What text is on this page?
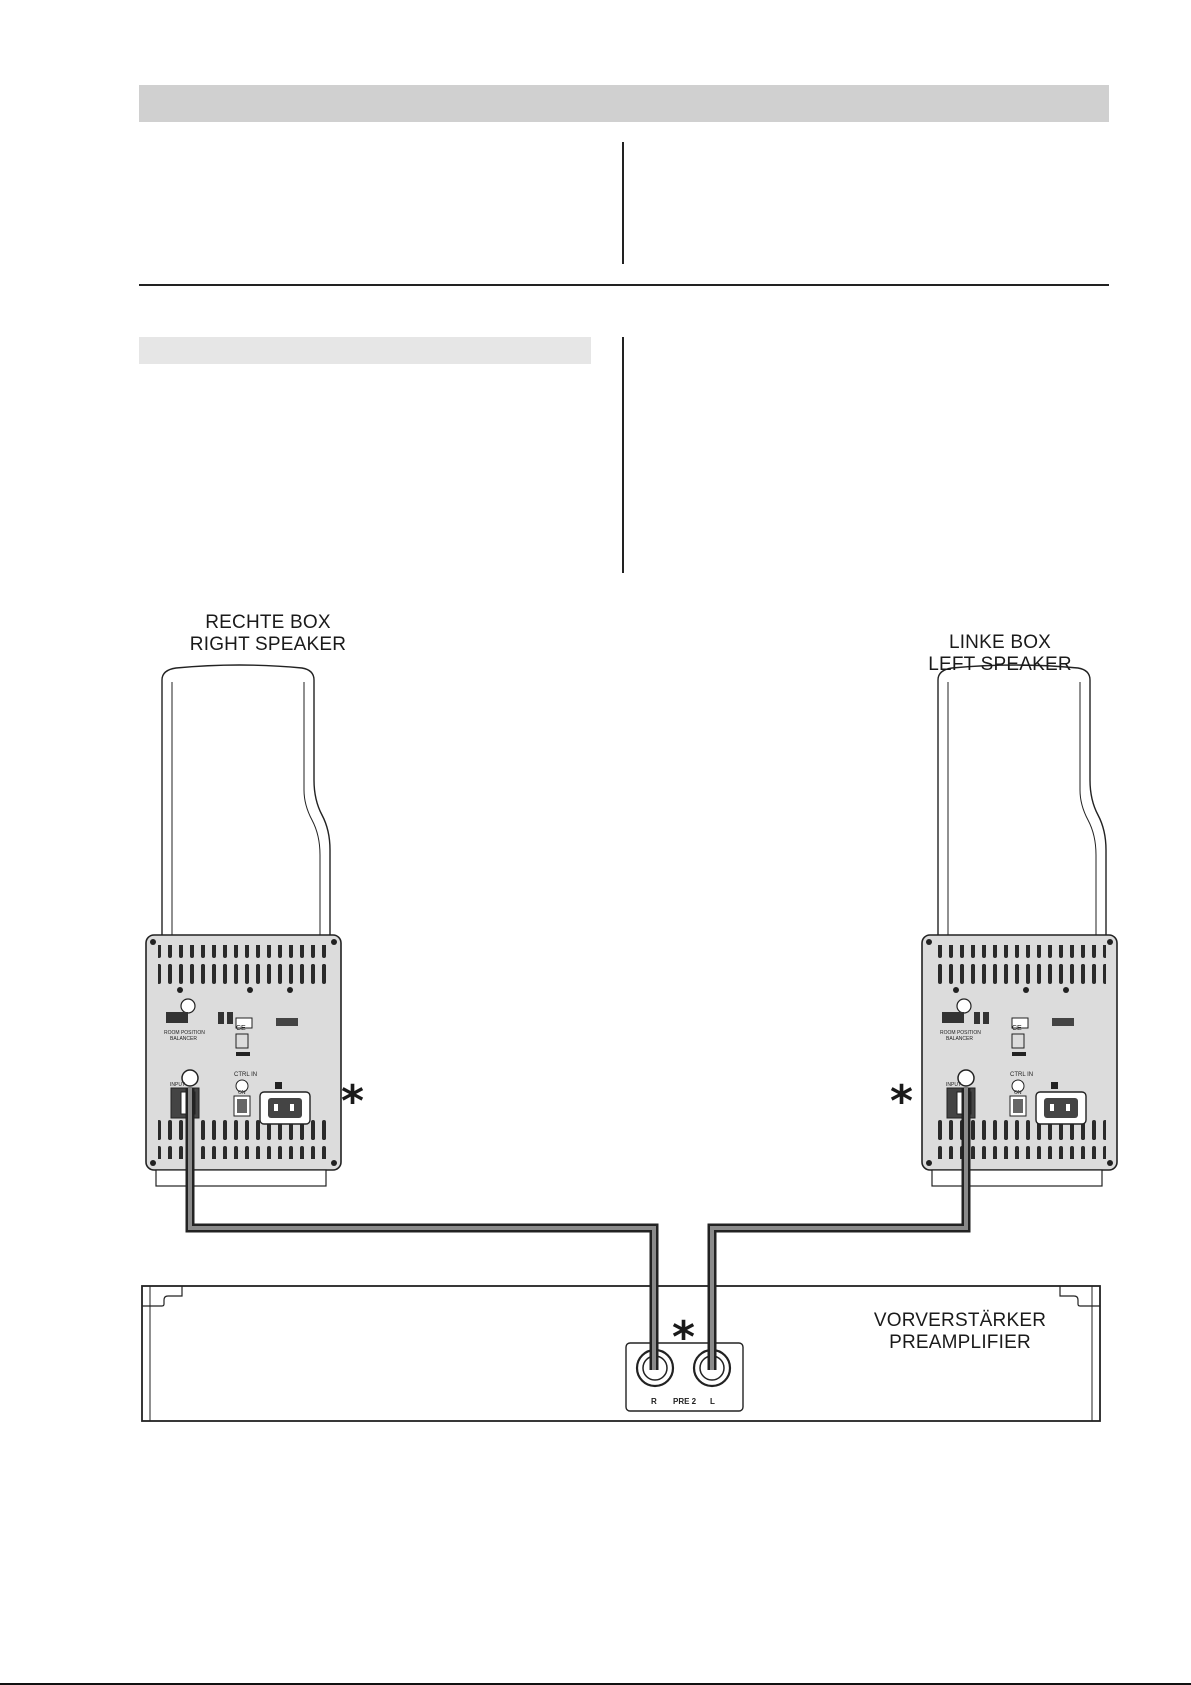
CTRL IN
ON
INPUT
ROOM POSITION
BALANCER
CE
CTRL IN
ON
INPUT
ROOM POSITION
BALANCER
CE
R PRE 2 L
RECHTE BOX
RIGHT SPEAKER	LINKE BOX
LEFT SPEAKER
VORVERSTÄRKER
PREAMPLIFIER
*	*
*
